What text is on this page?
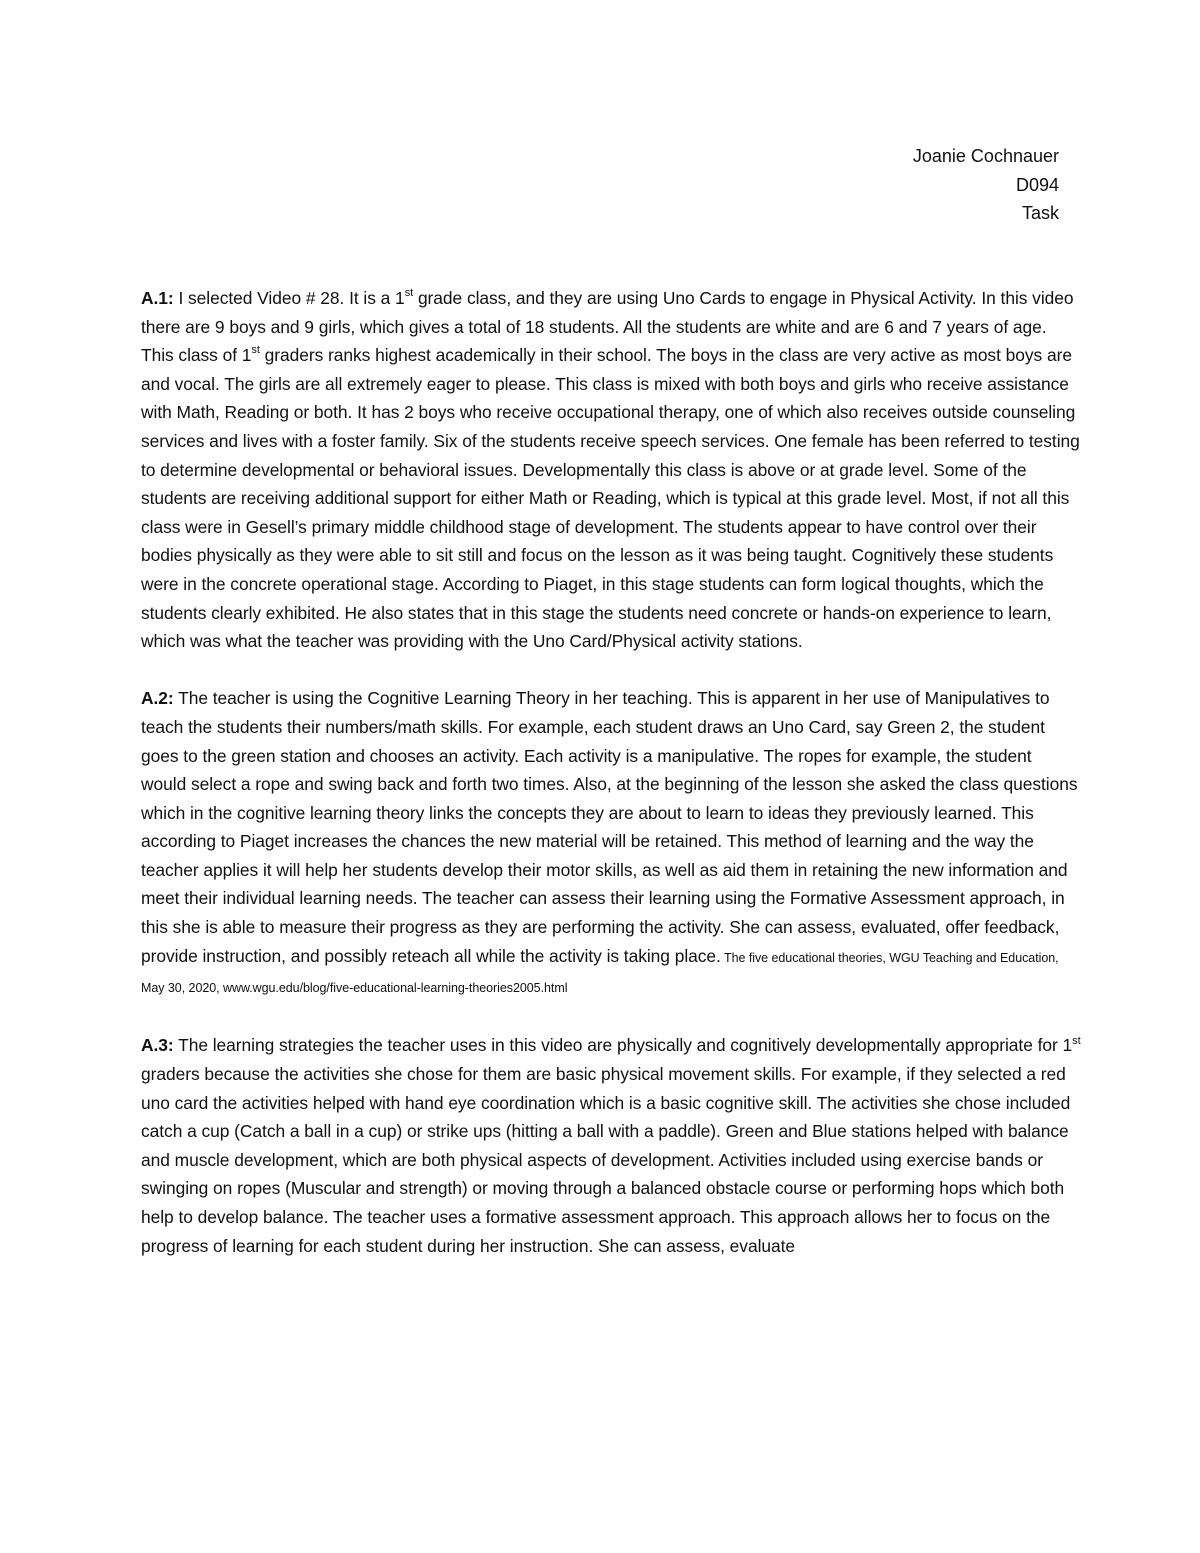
Joanie Cochnauer
D094
Task

A.1: I selected Video # 28. It is a 1st grade class, and they are using Uno Cards to engage in Physical Activity. In this video there are 9 boys and 9 girls, which gives a total of 18 students. All the students are white and are 6 and 7 years of age. This class of 1st graders ranks highest academically in their school. The boys in the class are very active as most boys are and vocal. The girls are all extremely eager to please. This class is mixed with both boys and girls who receive assistance with Math, Reading or both. It has 2 boys who receive occupational therapy, one of which also receives outside counseling services and lives with a foster family. Six of the students receive speech services. One female has been referred to testing to determine developmental or behavioral issues. Developmentally this class is above or at grade level. Some of the students are receiving additional support for either Math or Reading, which is typical at this grade level. Most, if not all this class were in Gesell’s primary middle childhood stage of development. The students appear to have control over their bodies physically as they were able to sit still and focus on the lesson as it was being taught. Cognitively these students were in the concrete operational stage. According to Piaget, in this stage students can form logical thoughts, which the students clearly exhibited. He also states that in this stage the students need concrete or hands-on experience to learn, which was what the teacher was providing with the Uno Card/Physical activity stations.

A.2: The teacher is using the Cognitive Learning Theory in her teaching. This is apparent in her use of Manipulatives to teach the students their numbers/math skills. For example, each student draws an Uno Card, say Green 2, the student goes to the green station and chooses an activity. Each activity is a manipulative. The ropes for example, the student would select a rope and swing back and forth two times. Also, at the beginning of the lesson she asked the class questions which in the cognitive learning theory links the concepts they are about to learn to ideas they previously learned. This according to Piaget increases the chances the new material will be retained. This method of learning and the way the teacher applies it will help her students develop their motor skills, as well as aid them in retaining the new information and meet their individual learning needs. The teacher can assess their learning using the Formative Assessment approach, in this she is able to measure their progress as they are performing the activity. She can assess, evaluated, offer feedback, provide instruction, and possibly reteach all while the activity is taking place. The five educational theories, WGU Teaching and Education, May 30, 2020, www.wgu.edu/blog/five-educational-learning-theories2005.html

A.3: The learning strategies the teacher uses in this video are physically and cognitively developmentally appropriate for 1st graders because the activities she chose for them are basic physical movement skills. For example, if they selected a red uno card the activities helped with hand eye coordination which is a basic cognitive skill. The activities she chose included catch a cup (Catch a ball in a cup) or strike ups (hitting a ball with a paddle). Green and Blue stations helped with balance and muscle development, which are both physical aspects of development. Activities included using exercise bands or swinging on ropes (Muscular and strength) or moving through a balanced obstacle course or performing hops which both help to develop balance. The teacher uses a formative assessment approach. This approach allows her to focus on the progress of learning for each student during her instruction. She can assess, evaluate
